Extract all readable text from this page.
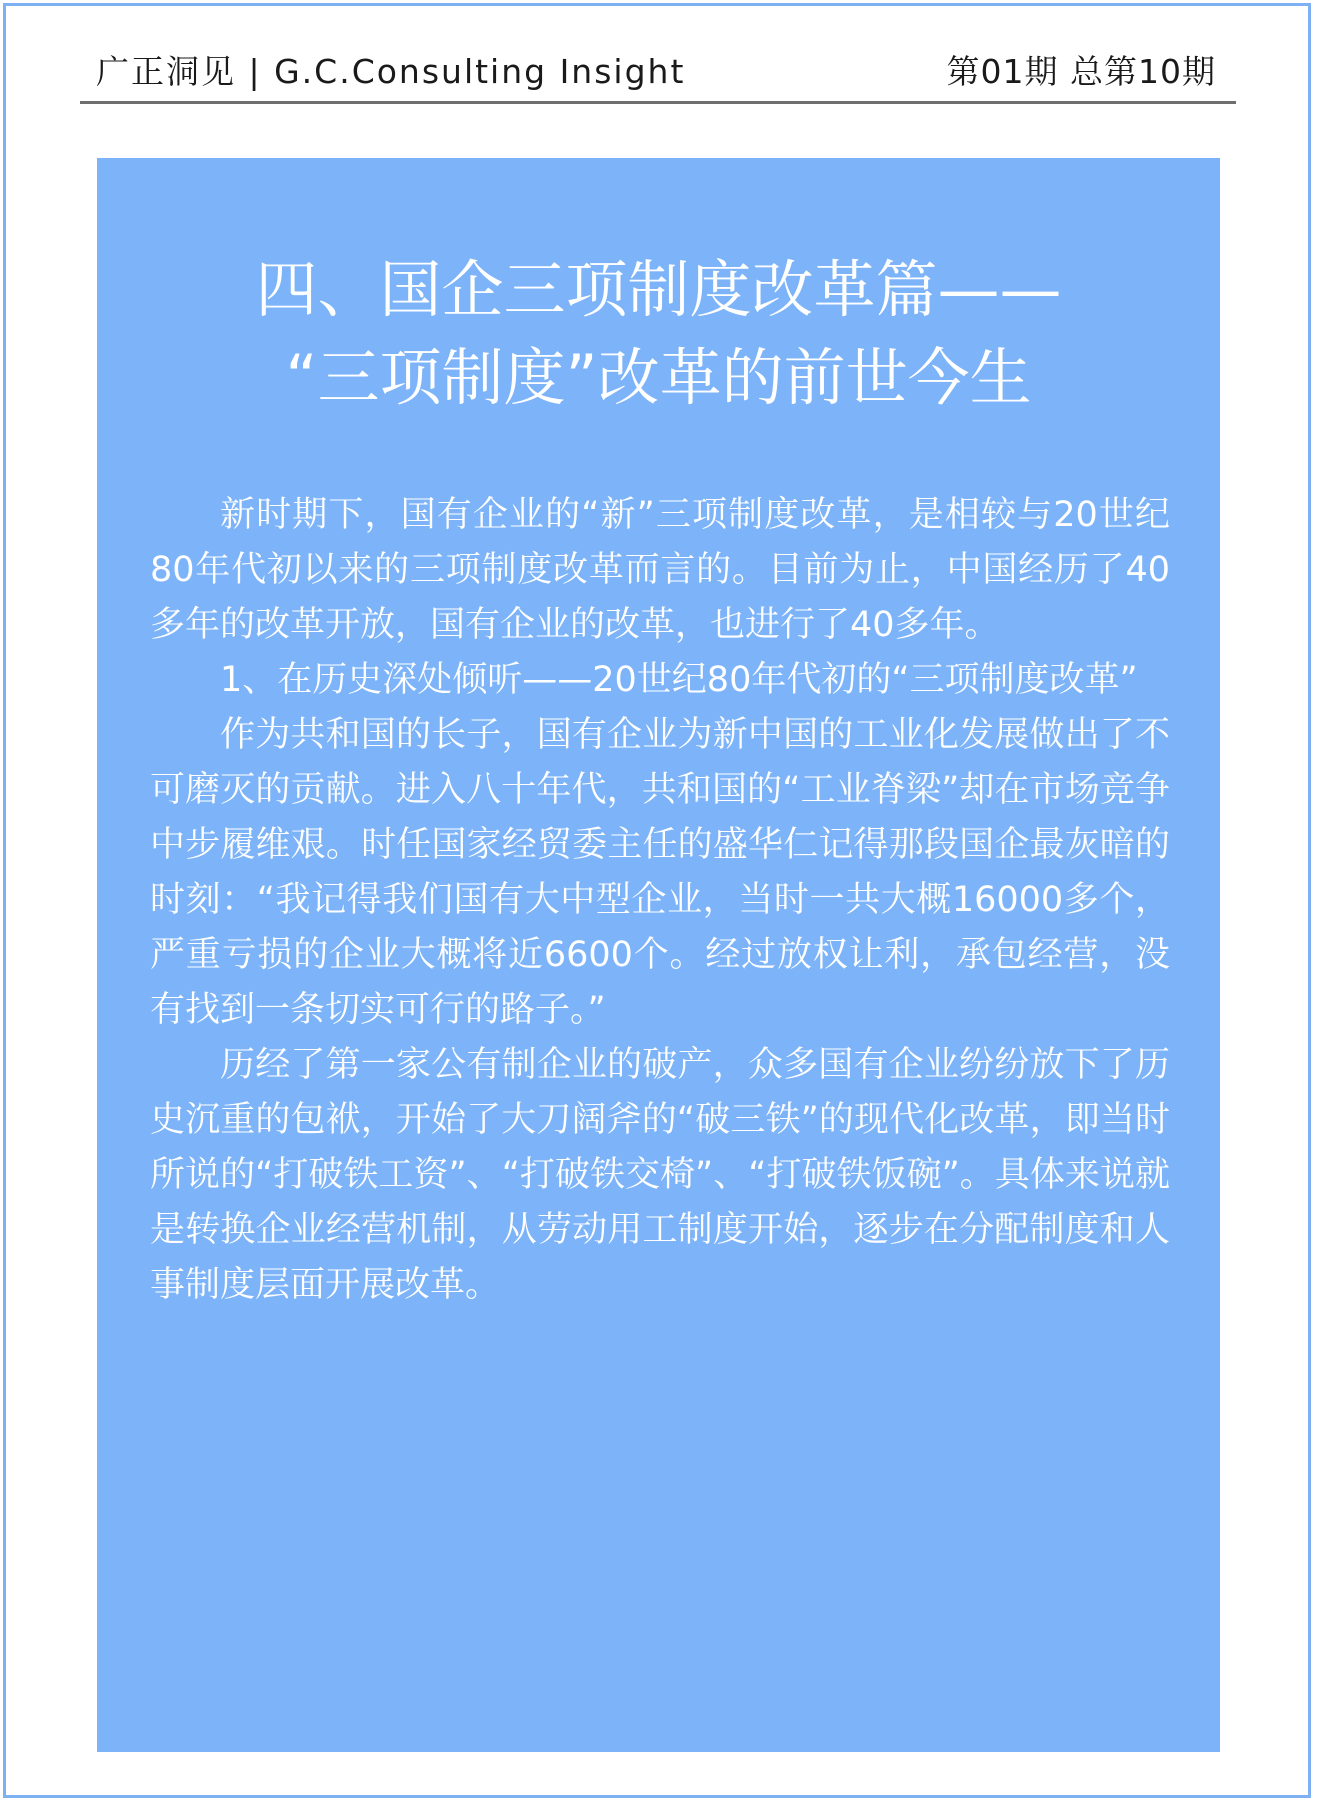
广正洞见 | G.C.Consulting Insight	第01期 总第10期
四、国企三项制度改革篇——
“三项制度”改革的前世今生

新时期下，国有企业的“新”三项制度改革，是相较与20世纪80年代初以来的三项制度改革而言的。目前为止，中国经历了40多年的改革开放，国有企业的改革，也进行了40多年。

1、在历史深处倾听——20世纪80年代初的“三项制度改革”

作为共和国的长子，国有企业为新中国的工业化发展做出了不可磨灭的贡献。进入八十年代，共和国的“工业脊梁”却在市场竞争中步履维艰。时任国家经贸委主任的盛华仁记得那段国企最灰暗的时刻：“我记得我们国有大中型企业，当时一共大概16000多个，严重亏损的企业大概将近6600个。经过放权让利，承包经营，没有找到一条切实可行的路子。”

历经了第一家公有制企业的破产，众多国有企业纷纷放下了历史沉重的包袱，开始了大刀阔斧的“破三铁”的现代化改革，即当时所说的“打破铁工资”、“打破铁交椅”、“打破铁饭碗”。具体来说就是转换企业经营机制，从劳动用工制度开始，逐步在分配制度和人事制度层面开展改革。
